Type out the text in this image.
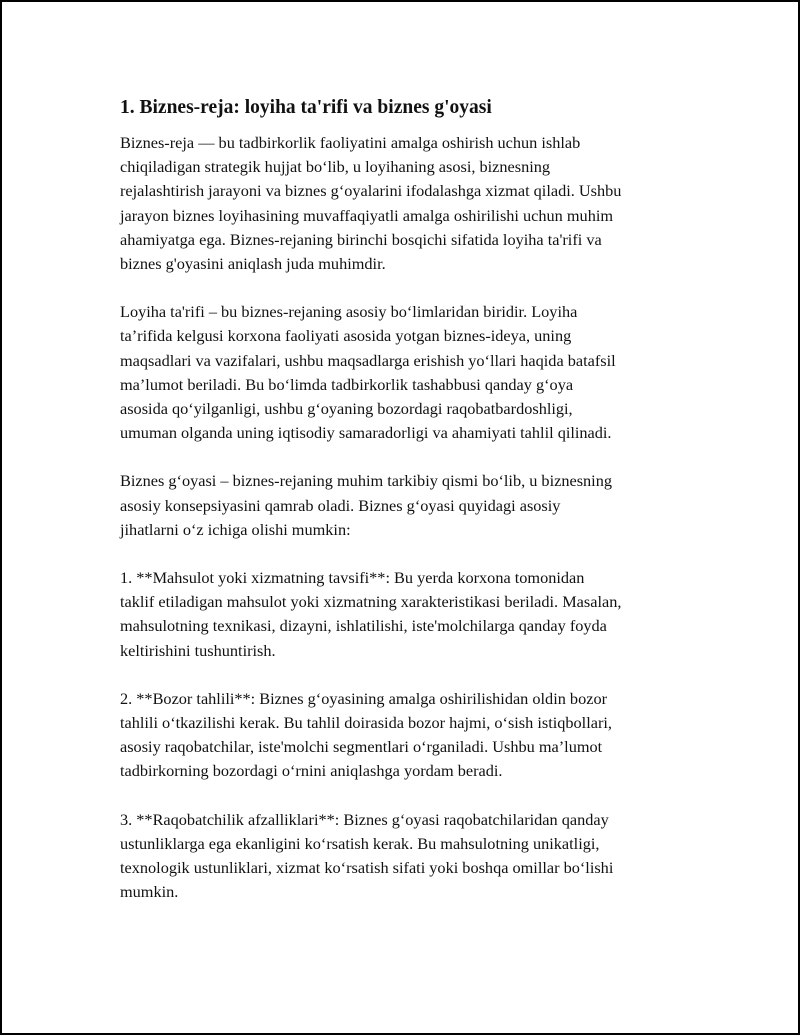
1. Biznes-reja: loyiha ta'rifi va biznes g'oyasi

Biznes-reja — bu tadbirkorlik faoliyatini amalga oshirish uchun ishlab
chiqiladigan strategik hujjat bo‘lib, u loyihaning asosi, biznesning
rejalashtirish jarayoni va biznes g‘oyalarini ifodalashga xizmat qiladi. Ushbu
jarayon biznes loyihasining muvaffaqiyatli amalga oshirilishi uchun muhim
ahamiyatga ega. Biznes-rejaning birinchi bosqichi sifatida loyiha ta'rifi va
biznes g'oyasini aniqlash juda muhimdir.

Loyiha ta'rifi – bu biznes-rejaning asosiy bo‘limlaridan biridir. Loyiha
ta’rifida kelgusi korxona faoliyati asosida yotgan biznes-ideya, uning
maqsadlari va vazifalari, ushbu maqsadlarga erishish yo‘llari haqida batafsil
ma’lumot beriladi. Bu bo‘limda tadbirkorlik tashabbusi qanday g‘oya
asosida qo‘yilganligi, ushbu g‘oyaning bozordagi raqobatbardoshligi,
umuman olganda uning iqtisodiy samaradorligi va ahamiyati tahlil qilinadi.

Biznes g‘oyasi – biznes-rejaning muhim tarkibiy qismi bo‘lib, u biznesning
asosiy konsepsiyasini qamrab oladi. Biznes g‘oyasi quyidagi asosiy
jihatlarni o‘z ichiga olishi mumkin:

1. **Mahsulot yoki xizmatning tavsifi**: Bu yerda korxona tomonidan
taklif etiladigan mahsulot yoki xizmatning xarakteristikasi beriladi. Masalan,
mahsulotning texnikasi, dizayni, ishlatilishi, iste'molchilarga qanday foyda
keltirishini tushuntirish.

2. **Bozor tahlili**: Biznes g‘oyasining amalga oshirilishidan oldin bozor
tahlili o‘tkazilishi kerak. Bu tahlil doirasida bozor hajmi, o‘sish istiqbollari,
asosiy raqobatchilar, iste'molchi segmentlari o‘rganiladi. Ushbu ma’lumot
tadbirkorning bozordagi o‘rnini aniqlashga yordam beradi.

3. **Raqobatchilik afzalliklari**: Biznes g‘oyasi raqobatchilaridan qanday
ustunliklarga ega ekanligini ko‘rsatish kerak. Bu mahsulotning unikatligi,
texnologik ustunliklari, xizmat ko‘rsatish sifati yoki boshqa omillar bo‘lishi
mumkin.
